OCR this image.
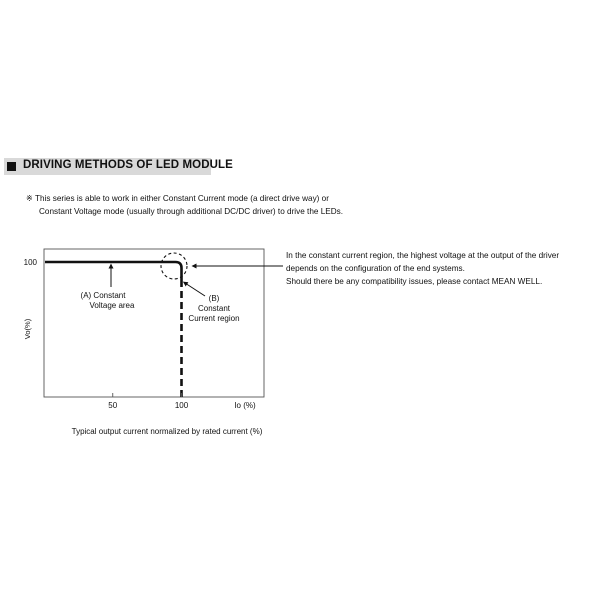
DRIVING METHODS OF LED MODULE
※ This series is able to work in either Constant Current mode (a direct drive way) or
Constant Voltage mode (usually through additional DC/DC driver) to drive the LEDs.
In the constant current region, the highest voltage at the output of the driver
depends on the configuration of the end systems.
Should there be any compatibility issues, please contact MEAN WELL.
100
50	100	Io (%)
Vo(%)
(A) Constant
Voltage area
(B)
Constant
Current region
Typical output current normalized by rated current (%)
